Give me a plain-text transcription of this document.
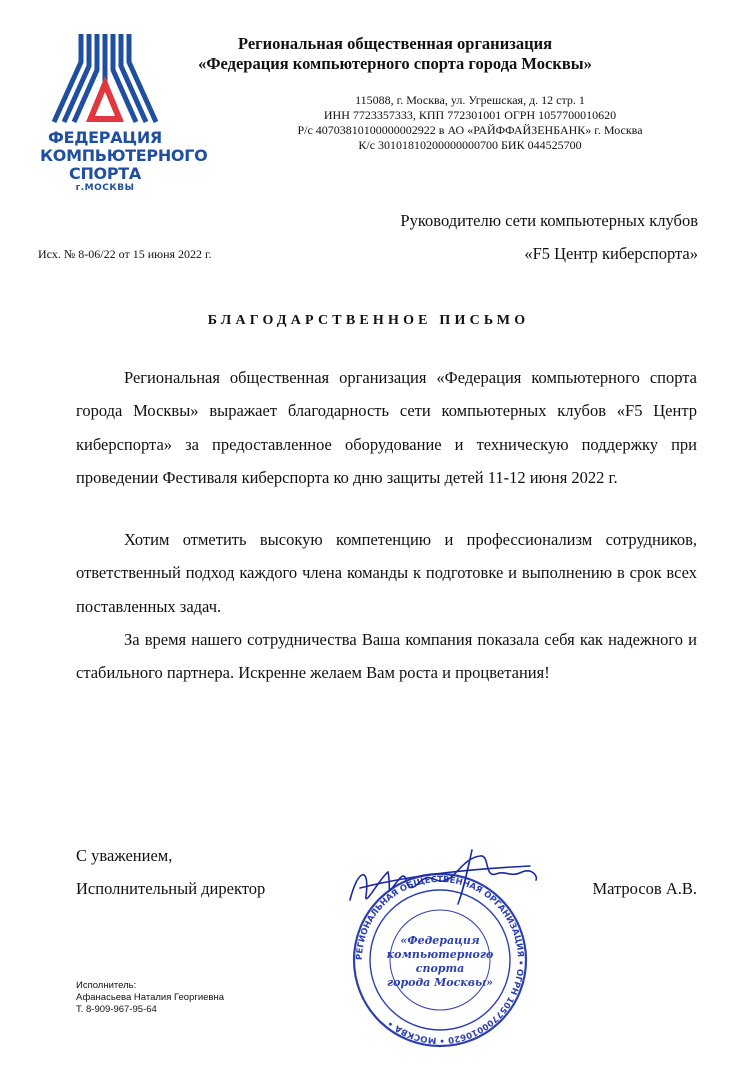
ФЕДЕРАЦИЯ
КОМПЬЮТЕРНОГО
СПОРТА
г.МОСКВЫ
Региональная общественная организация
«Федерация компьютерного спорта города Москвы»
115088, г. Москва, ул. Угрешская, д. 12 стр. 1
ИНН 7723357333, КПП 772301001 ОГРН 1057700010620
Р/с 40703810100000002922 в АО «РАЙФФАЙЗЕНБАНК» г. Москва
К/с 30101810200000000700 БИК 044525700
Руководителю сети компьютерных клубов
«F5 Центр киберспорта»
Исх. № 8-06/22 от 15 июня 2022 г.
БЛАГОДАРСТВЕННОЕ ПИСЬМО

Региональная общественная организация «Федерация компьютерного спорта города Москвы» выражает благодарность сети компьютерных клубов «F5 Центр киберспорта» за предоставленное оборудование и техническую поддержку при проведении Фестиваля киберспорта ко дню защиты детей 11-12 июня 2022 г.

Хотим отметить высокую компетенцию и профессионализм сотрудников, ответственный подход каждого члена команды к подготовке и выполнению в срок всех поставленных задач.

За время нашего сотрудничества Ваша компания показала себя как надежного и стабильного партнера. Искренне желаем Вам роста и процветания!

С уважением,
Исполнительный директор	Матросов А.В.
РЕГИОНАЛЬНАЯ ОБЩЕСТВЕННАЯ ОРГАНИЗАЦИЯ • ОГРН 1057700010620 • МОСКВА •
«Федерация
компьютерного
спорта
города Москвы»
Исполнитель:
Афанасьева Наталия Георгиевна
Т. 8-909-967-95-64
